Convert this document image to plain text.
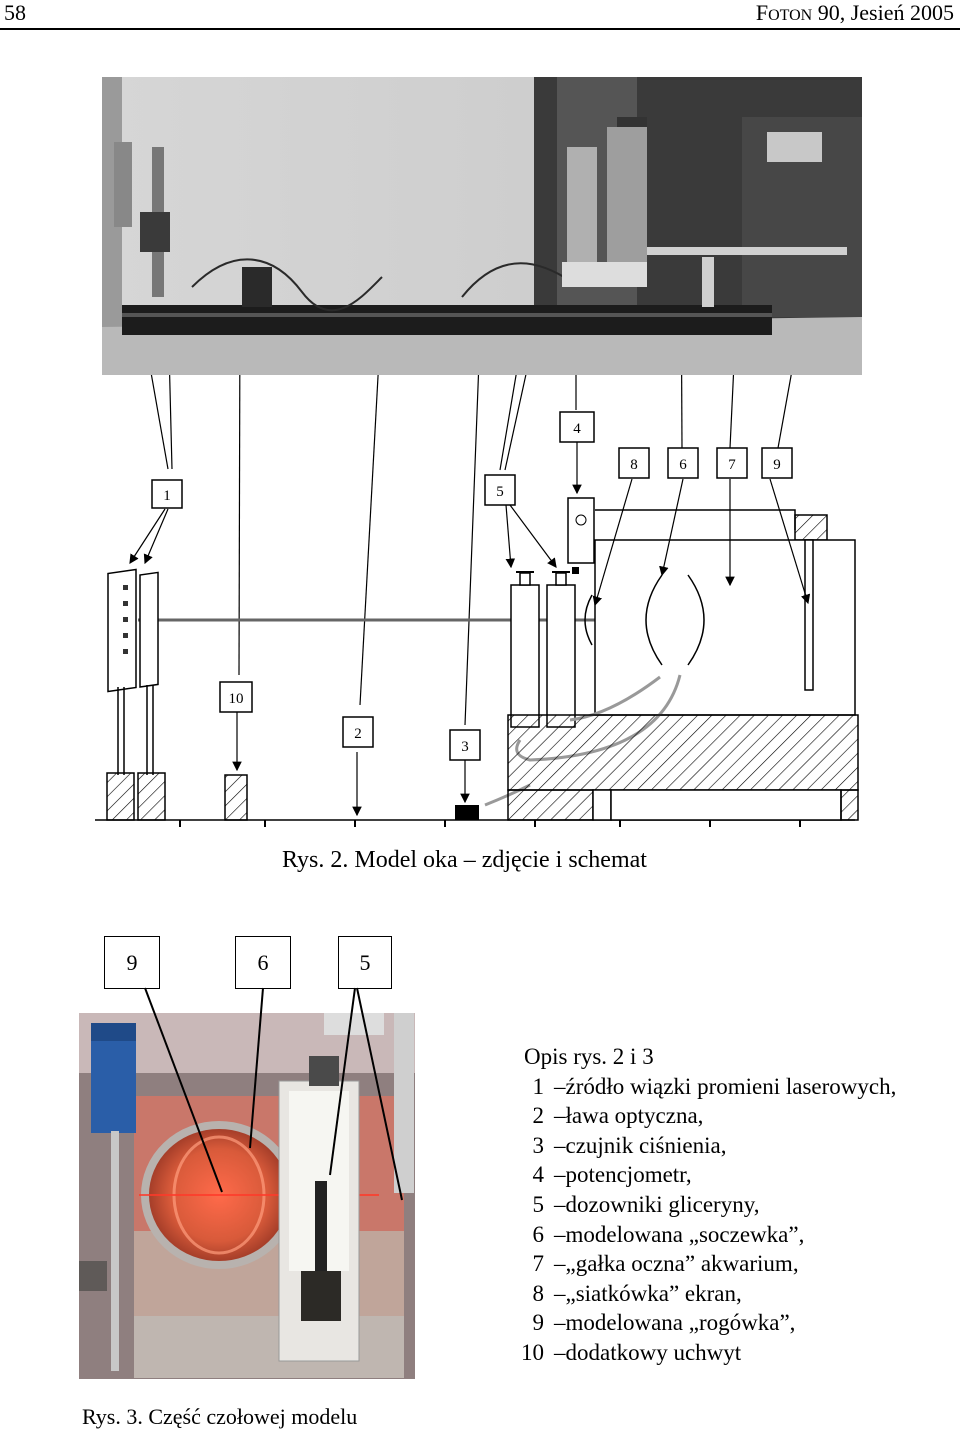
58	FOTON 90, Jesień 2005
1
2
3
4
5
6	7
8	9
10
Rys. 2. Model oka – zdjęcie i schemat
9	6	5
Opis rys. 2 i 3
1 – źródło wiązki promieni laserowych,
2 – ława optyczna,
3 – czujnik ciśnienia,
4 – potencjometr,
5 – dozowniki gliceryny,
6 – modelowana „soczewka”,
7 – „gałka oczna” akwarium,
8 – „siatkówka” ekran,
9 – modelowana „rogówka”,
10 – dodatkowy uchwyt
Rys. 3. Część czołowej modelu
